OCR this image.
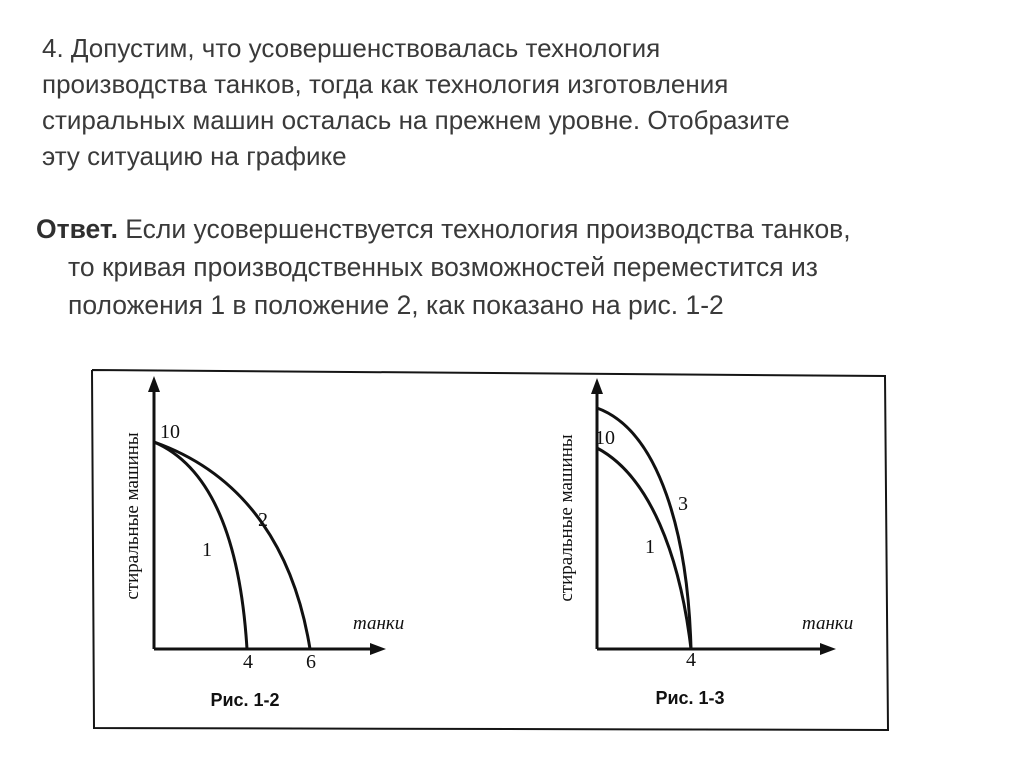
4. Допустим, что усовершенствовалась технология
производства танков, тогда как технология изготовления
стиральных машин осталась на прежнем уровне. Отобразите
эту ситуацию на графике
Ответ. Если усовершенствуется технология производства танков,
то кривая производственных возможностей переместится из
положения 1 в положение 2, как показано на рис. 1-2
стиральные машины
10
танки
4	6
1
2
Рис. 1-2
стиральные машины 10
танки
4
1
3
Рис. 1-3
